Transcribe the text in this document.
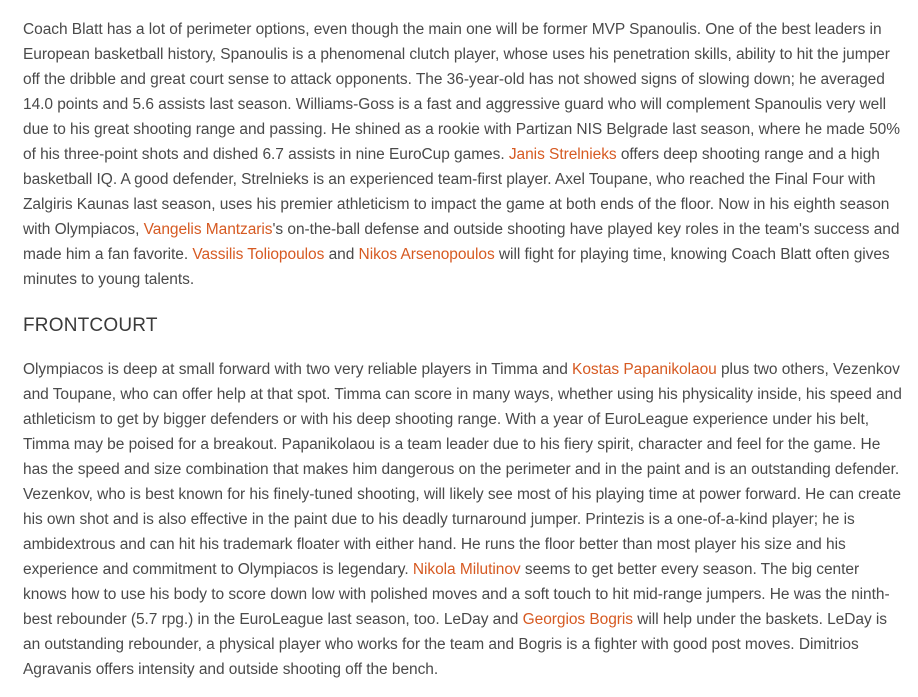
Coach Blatt has a lot of perimeter options, even though the main one will be former MVP Spanoulis. One of the best leaders in European basketball history, Spanoulis is a phenomenal clutch player, whose uses his penetration skills, ability to hit the jumper off the dribble and great court sense to attack opponents. The 36-year-old has not showed signs of slowing down; he averaged 14.0 points and 5.6 assists last season. Williams-Goss is a fast and aggressive guard who will complement Spanoulis very well due to his great shooting range and passing. He shined as a rookie with Partizan NIS Belgrade last season, where he made 50% of his three-point shots and dished 6.7 assists in nine EuroCup games. Janis Strelnieks offers deep shooting range and a high basketball IQ. A good defender, Strelnieks is an experienced team-first player. Axel Toupane, who reached the Final Four with Zalgiris Kaunas last season, uses his premier athleticism to impact the game at both ends of the floor. Now in his eighth season with Olympiacos, Vangelis Mantzaris's on-the-ball defense and outside shooting have played key roles in the team's success and made him a fan favorite. Vassilis Toliopoulos and Nikos Arsenopoulos will fight for playing time, knowing Coach Blatt often gives minutes to young talents.

FRONTCOURT

Olympiacos is deep at small forward with two very reliable players in Timma and Kostas Papanikolaou plus two others, Vezenkov and Toupane, who can offer help at that spot. Timma can score in many ways, whether using his physicality inside, his speed and athleticism to get by bigger defenders or with his deep shooting range. With a year of EuroLeague experience under his belt, Timma may be poised for a breakout. Papanikolaou is a team leader due to his fiery spirit, character and feel for the game. He has the speed and size combination that makes him dangerous on the perimeter and in the paint and is an outstanding defender. Vezenkov, who is best known for his finely-tuned shooting, will likely see most of his playing time at power forward. He can create his own shot and is also effective in the paint due to his deadly turnaround jumper. Printezis is a one-of-a-kind player; he is ambidextrous and can hit his trademark floater with either hand. He runs the floor better than most player his size and his experience and commitment to Olympiacos is legendary. Nikola Milutinov seems to get better every season. The big center knows how to use his body to score down low with polished moves and a soft touch to hit mid-range jumpers. He was the ninth-best rebounder (5.7 rpg.) in the EuroLeague last season, too. LeDay and Georgios Bogris will help under the baskets. LeDay is an outstanding rebounder, a physical player who works for the team and Bogris is a fighter with good post moves. Dimitrios Agravanis offers intensity and outside shooting off the bench.
